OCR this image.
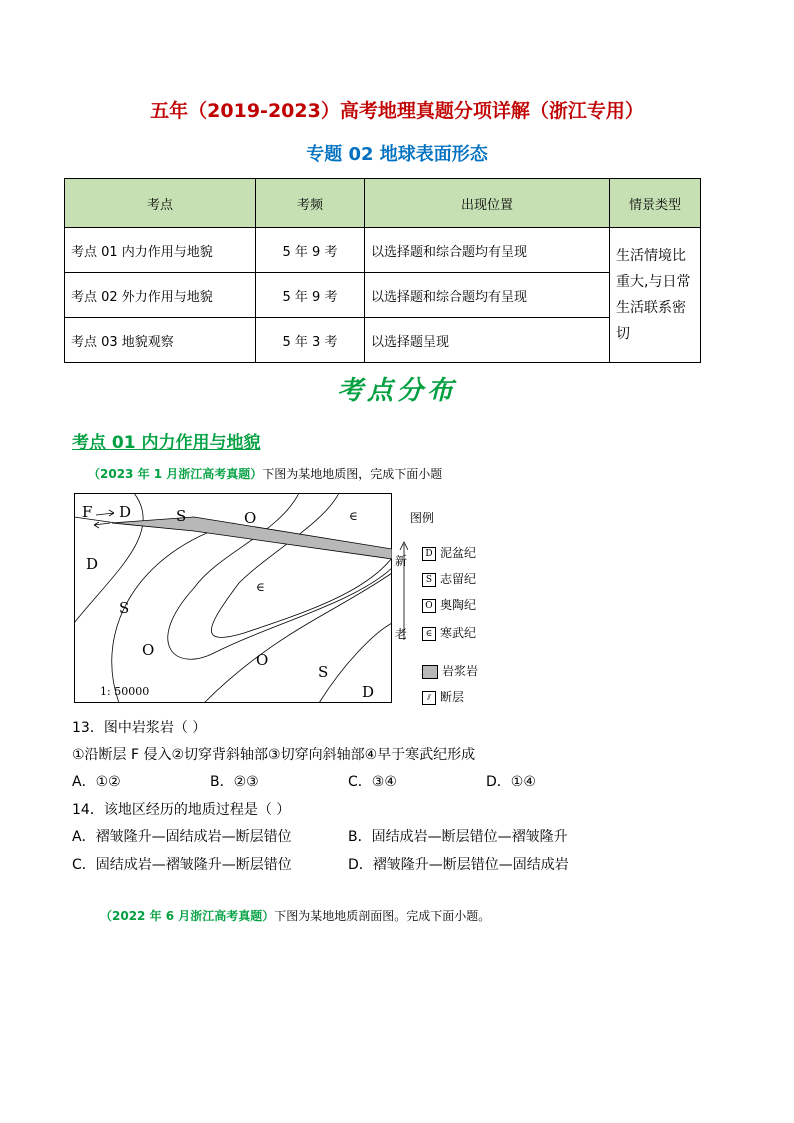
五年（2019-2023）高考地理真题分项详解（浙江专用）
专题 02 地球表面形态
考点	考频	出现位置	情景类型
考点 01 内力作用与地貌	5 年 9 考	以选择题和综合题均有呈现	生活情境比
重大,与日常
生活联系密
切

考点 02 外力作用与地貌	5 年 9 考	以选择题和综合题均有呈现	
考点 03 地貌观察	5 年 3 考	以选择题呈现	
考点分布
考点 01 内力作用与地貌
（2023 年 1 月浙江高考真题）下图为某地地质图，完成下面小题
F D	S	O	∈
D
S
∈
O
O
S
D
1: 50000
图例
新
老
D 泥盆纪
S 志留纪
O 奥陶纪
∈ 寒武纪
岩浆岩
⫽ 断层
13．图中岩浆岩（ ）
①沿断层 F 侵入②切穿背斜轴部③切穿向斜轴部④早于寒武纪形成
A．①②	B．②③	C．③④	D．①④
14．该地区经历的地质过程是（ ）
A．褶皱隆升—固结成岩—断层错位	B．固结成岩—断层错位—褶皱隆升
C．固结成岩—褶皱隆升—断层错位	D．褶皱隆升—断层错位—固结成岩
（2022 年 6 月浙江高考真题）下图为某地地质剖面图。完成下面小题。
